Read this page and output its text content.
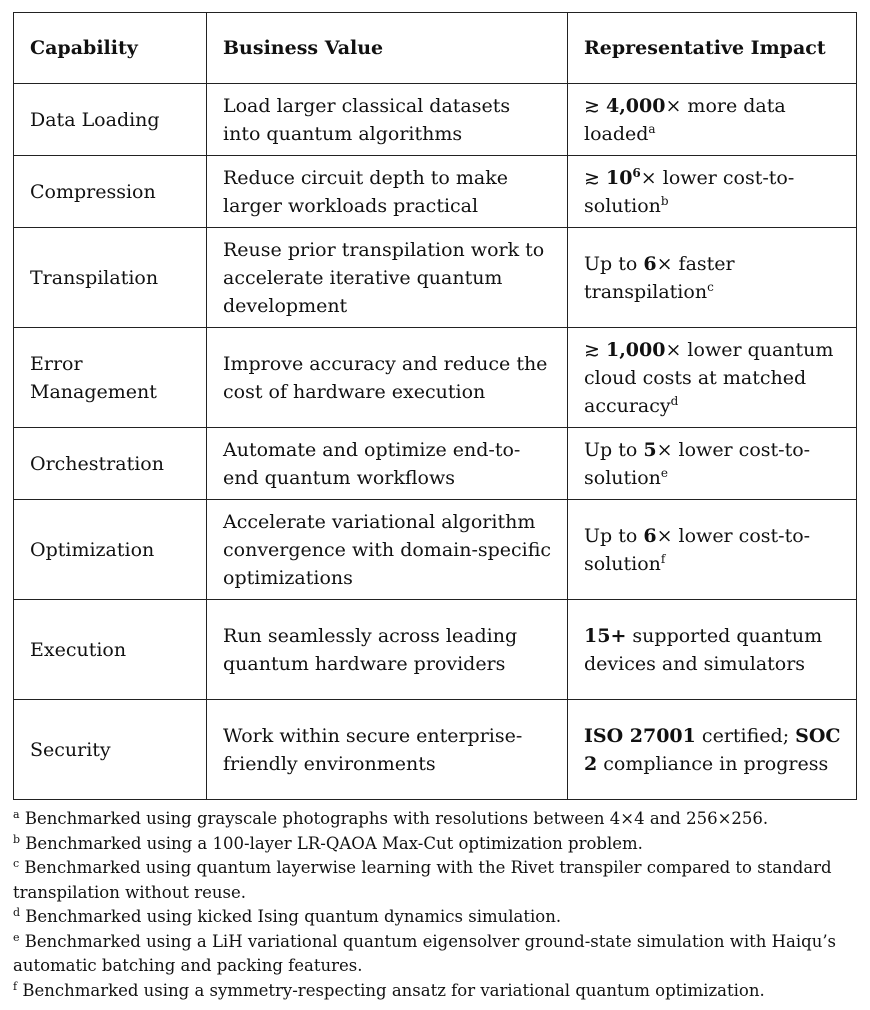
Capability	Business Value	Representative Impact
Data Loading	Load larger classical datasets into quantum algorithms	≳ 4,000× more data loaded$^a$
Compression	Reduce circuit depth to make larger workloads practical	≳ $10^6\times$ lower cost-to-solution$^b$
Transpilation	Reuse prior transpilation work to accelerate iterative quantum development	Up to 6× faster transpilation$^c$
Error Management	Improve accuracy and reduce the cost of hardware execution	≳ 1,000× lower quantum cloud costs at matched accuracy$^d$
Orchestration	Automate and optimize end-to-end quantum workflows	Up to 5× lower cost-to-solution$^e$
Optimization	Accelerate variational algorithm convergence with domain-specific optimizations	Up to 6× lower cost-to-solution$^f$
Execution	Run seamlessly across leading quantum hardware providers	15+ supported quantum devices and simulators
Security	Work within secure enterprise-friendly environments	ISO 27001 certified; SOC 2 compliance in progress
$^a$ Benchmarked using grayscale photographs with resolutions between 4×4 and 256×256.
$^b$ Benchmarked using a 100-layer LR-QAOA Max-Cut optimization problem.
$^c$ Benchmarked using quantum layerwise learning with the Rivet transpiler compared to standard transpilation without reuse.
$^d$ Benchmarked using kicked Ising quantum dynamics simulation.
$^e$ Benchmarked using a LiH variational quantum eigensolver ground-state simulation with Haiqu’s automatic batching and packing features.
$^f$ Benchmarked using a symmetry-respecting ansatz for variational quantum optimization.
